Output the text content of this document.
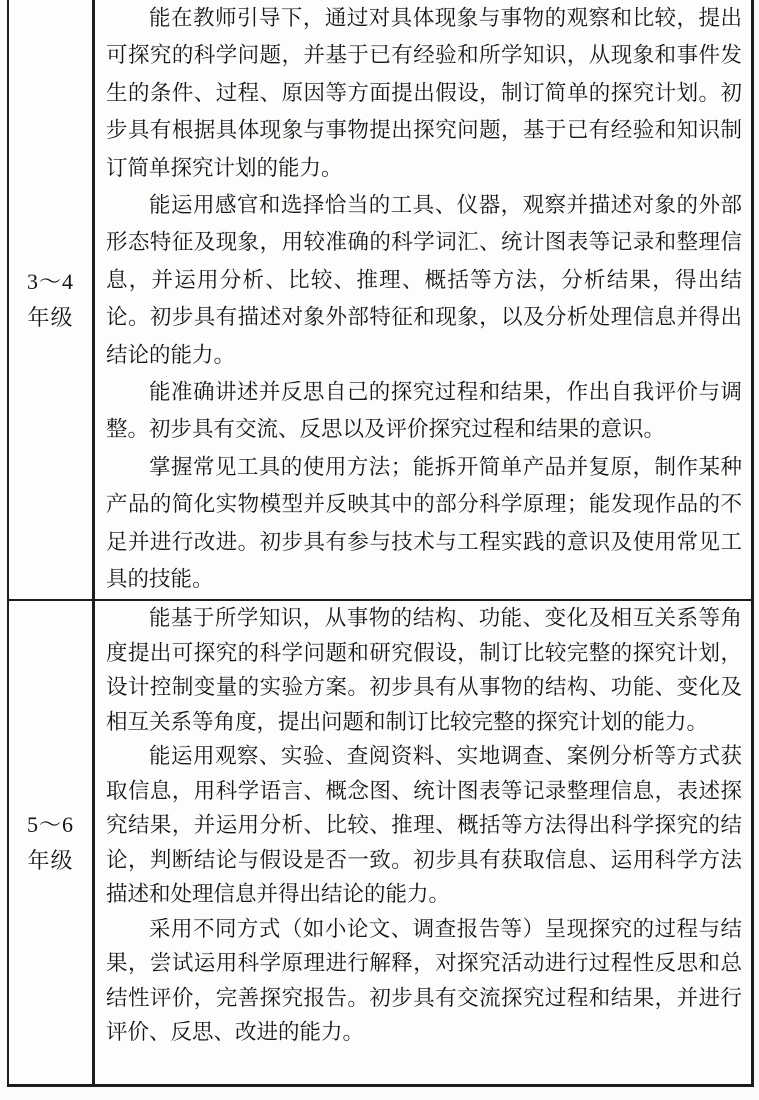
3～4
年级

能在教师引导下，通过对具体现象与事物的观察和比较，提出可探究的科学问题，并基于已有经验和所学知识，从现象和事件发生的条件、过程、原因等方面提出假设，制订简单的探究计划。初步具有根据具体现象与事物提出探究问题，基于已有经验和知识制订简单探究计划的能力。

能运用感官和选择恰当的工具、仪器，观察并描述对象的外部形态特征及现象，用较准确的科学词汇、统计图表等记录和整理信息，并运用分析、比较、推理、概括等方法，分析结果，得出结论。初步具有描述对象外部特征和现象，以及分析处理信息并得出结论的能力。

能准确讲述并反思自己的探究过程和结果，作出自我评价与调整。初步具有交流、反思以及评价探究过程和结果的意识。

掌握常见工具的使用方法；能拆开简单产品并复原，制作某种产品的简化实物模型并反映其中的部分科学原理；能发现作品的不足并进行改进。初步具有参与技术与工程实践的意识及使用常见工具的技能。

5～6
年级

能基于所学知识，从事物的结构、功能、变化及相互关系等角度提出可探究的科学问题和研究假设，制订比较完整的探究计划，设计控制变量的实验方案。初步具有从事物的结构、功能、变化及相互关系等角度，提出问题和制订比较完整的探究计划的能力。

能运用观察、实验、查阅资料、实地调查、案例分析等方式获取信息，用科学语言、概念图、统计图表等记录整理信息，表述探究结果，并运用分析、比较、推理、概括等方法得出科学探究的结论，判断结论与假设是否一致。初步具有获取信息、运用科学方法描述和处理信息并得出结论的能力。

采用不同方式（如小论文、调查报告等）呈现探究的过程与结果，尝试运用科学原理进行解释，对探究活动进行过程性反思和总结性评价，完善探究报告。初步具有交流探究过程和结果，并进行评价、反思、改进的能力。
